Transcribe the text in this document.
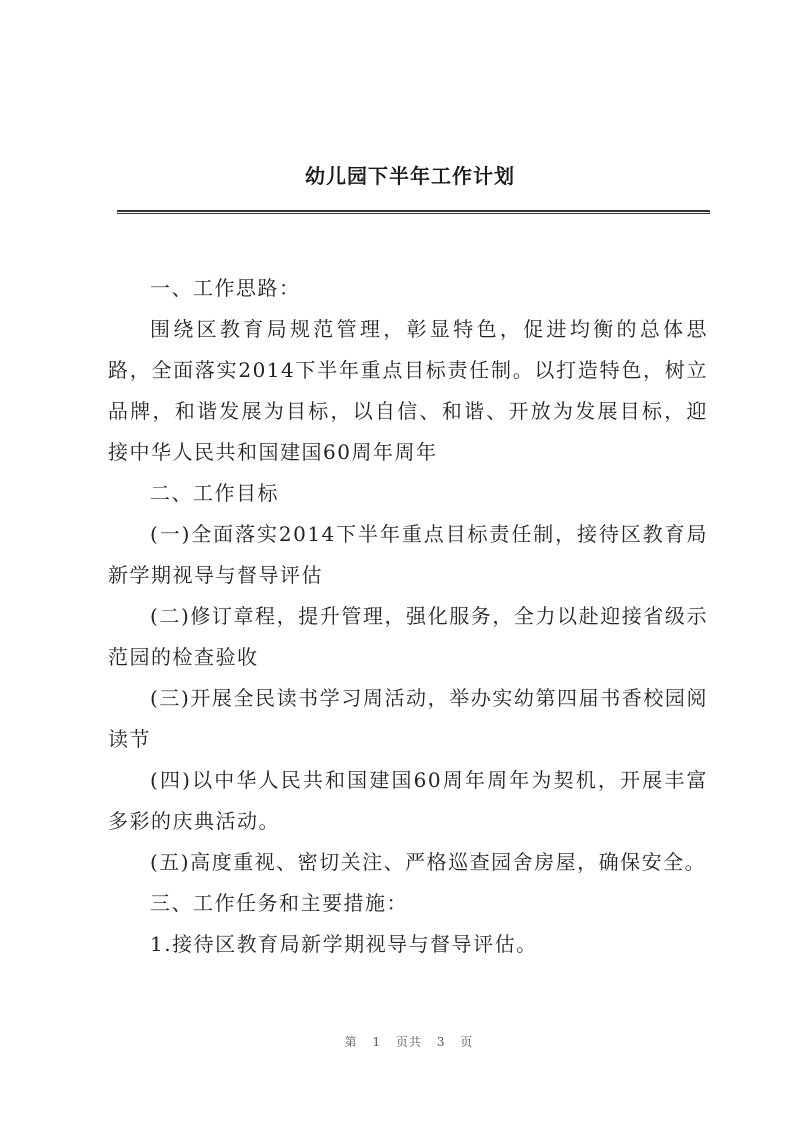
幼儿园下半年工作计划

一、工作思路：

围绕区教育局规范管理，彰显特色，促进均衡的总体思路，全面落实2014下半年重点目标责任制。以打造特色，树立品牌，和谐发展为目标，以自信、和谐、开放为发展目标，迎接中华人民共和国建国60周年周年

二、工作目标

(一)全面落实2014下半年重点目标责任制，接待区教育局新学期视导与督导评估

(二)修订章程，提升管理，强化服务，全力以赴迎接省级示范园的检查验收

(三)开展全民读书学习周活动，举办实幼第四届书香校园阅读节

(四)以中华人民共和国建国60周年周年为契机，开展丰富多彩的庆典活动。

(五)高度重视、密切关注、严格巡查园舍房屋，确保安全。

三、工作任务和主要措施：

1.接待区教育局新学期视导与督导评估。

第 1 页共 3 页
